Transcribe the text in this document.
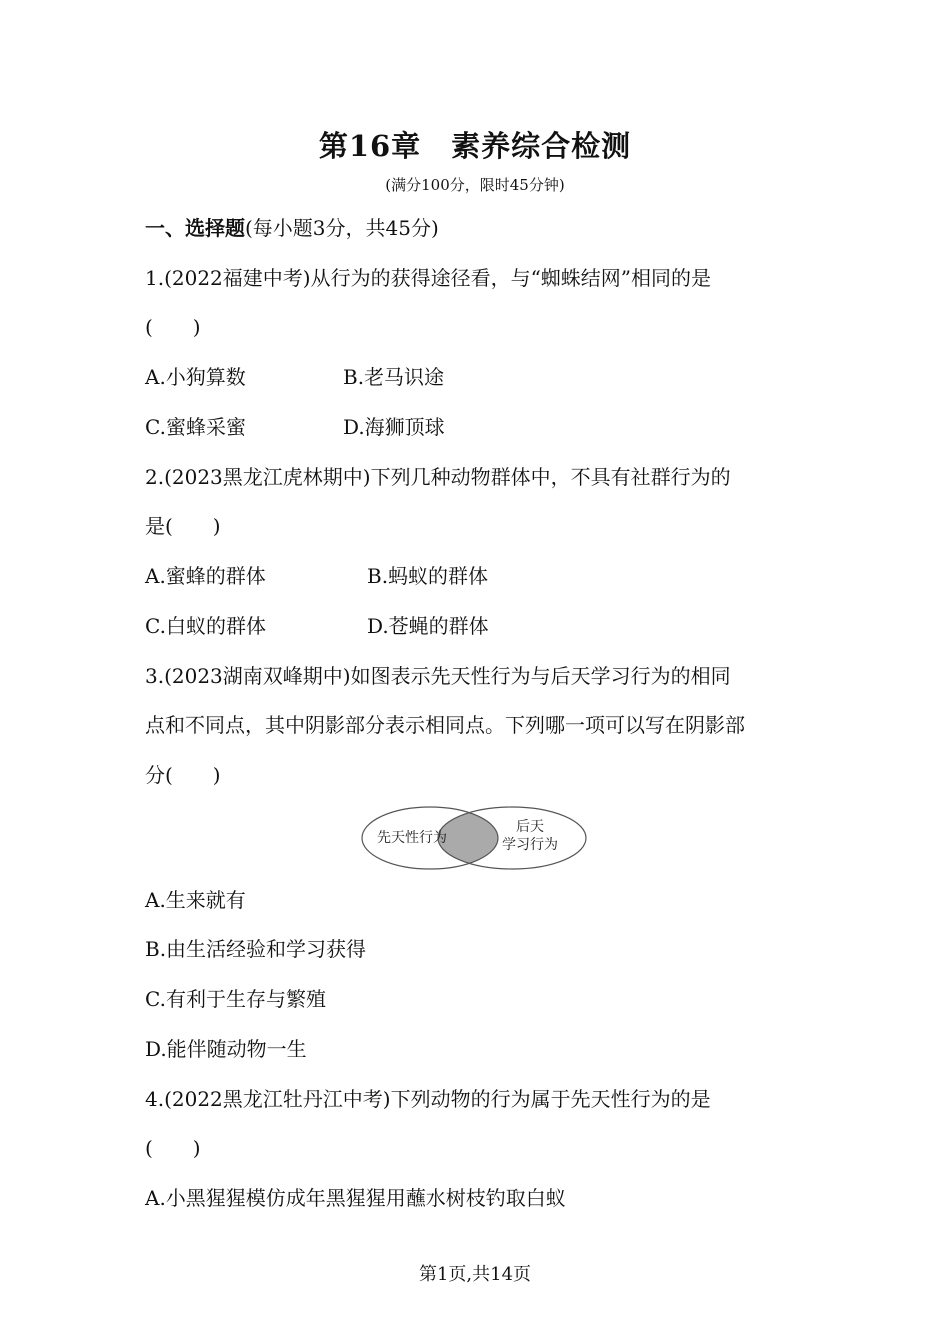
第16章　素养综合检测
(满分100分，限时45分钟)
一、选择题(每小题3分，共45分)
1.(2022福建中考)从行为的获得途径看，与“蜘蛛结网”相同的是
(　　)
A.小狗算数	B.老马识途
C.蜜蜂采蜜	D.海狮顶球
2.(2023黑龙江虎林期中)下列几种动物群体中，不具有社群行为的
是(　　)
A.蜜蜂的群体	B.蚂蚁的群体
C.白蚁的群体	D.苍蝇的群体
3.(2023湖南双峰期中)如图表示先天性行为与后天学习行为的相同
点和不同点，其中阴影部分表示相同点。下列哪一项可以写在阴影部
分(　　)
先天性行为
后天
学习行为
A.生来就有
B.由生活经验和学习获得
C.有利于生存与繁殖
D.能伴随动物一生
4.(2022黑龙江牡丹江中考)下列动物的行为属于先天性行为的是
(　　)
A.小黑猩猩模仿成年黑猩猩用蘸水树枝钓取白蚁
第1页,共14页
